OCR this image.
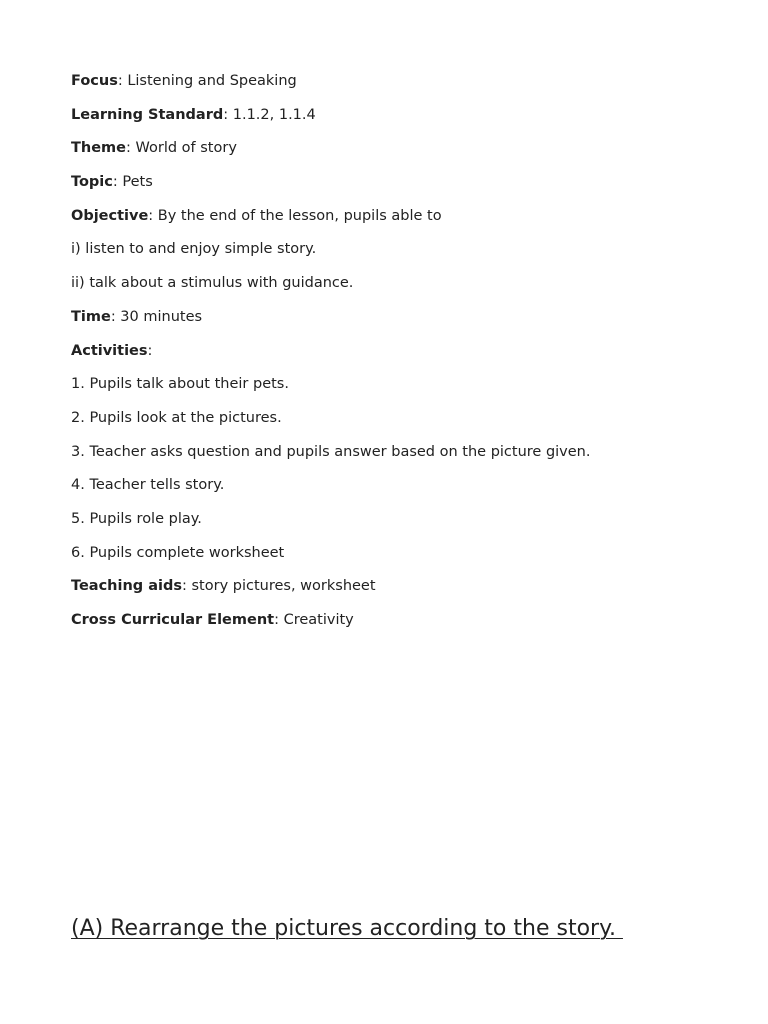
Focus: Listening and Speaking
Learning Standard: 1.1.2, 1.1.4
Theme: World of story
Topic: Pets
Objective: By the end of the lesson, pupils able to
i) listen to and enjoy simple story.
ii) talk about a stimulus with guidance.
Time: 30 minutes
Activities:
1. Pupils talk about their pets.
2. Pupils look at the pictures.
3. Teacher asks question and pupils answer based on the picture given.
4. Teacher tells story.
5. Pupils role play.
6. Pupils complete worksheet
Teaching aids: story pictures, worksheet
Cross Curricular Element: Creativity
(A) Rearrange the pictures according to the story.
